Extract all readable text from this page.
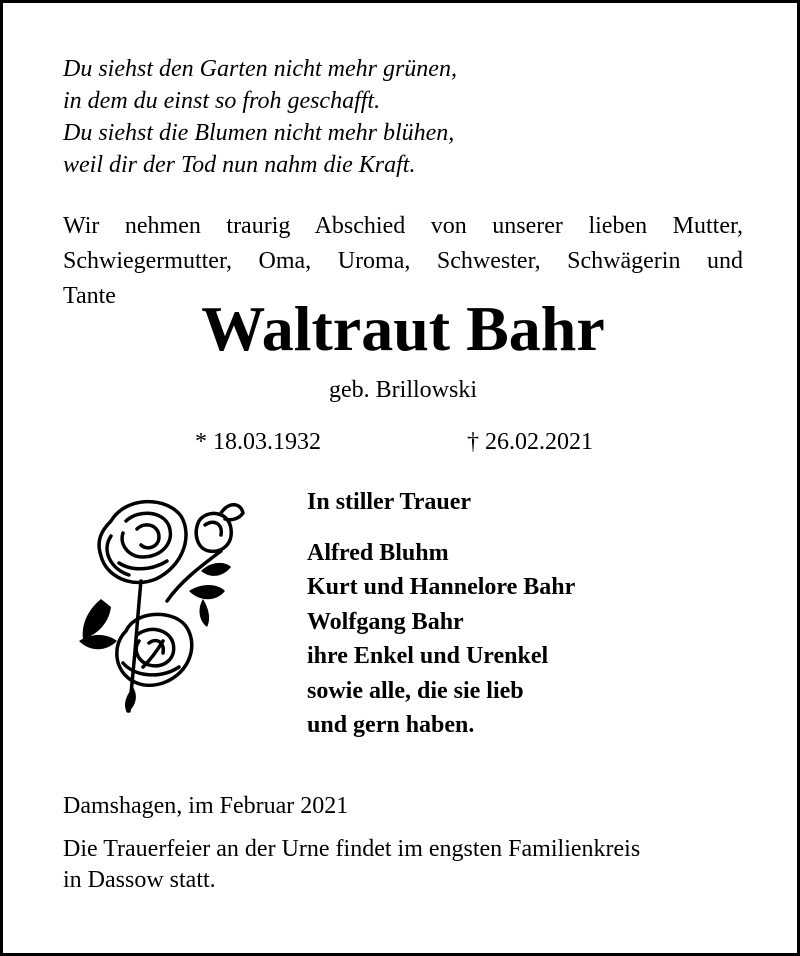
Du siehst den Garten nicht mehr grünen,
in dem du einst so froh geschafft.
Du siehst die Blumen nicht mehr blühen,
weil dir der Tod nun nahm die Kraft.
Wir nehmen traurig Abschied von unserer lieben Mutter,
Schwiegermutter, Oma, Uroma, Schwester, Schwägerin und
Tante	Waltraut Bahr
geb. Brillowski
* 18.03.1932	† 26.02.2021
In stiller Trauer
Alfred Bluhm
Kurt und Hannelore Bahr
Wolfgang Bahr
ihre Enkel und Urenkel
sowie alle, die sie lieb
und gern haben.
Damshagen, im Februar 2021
Die Trauerfeier an der Urne findet im engsten Familienkreis
in Dassow statt.
